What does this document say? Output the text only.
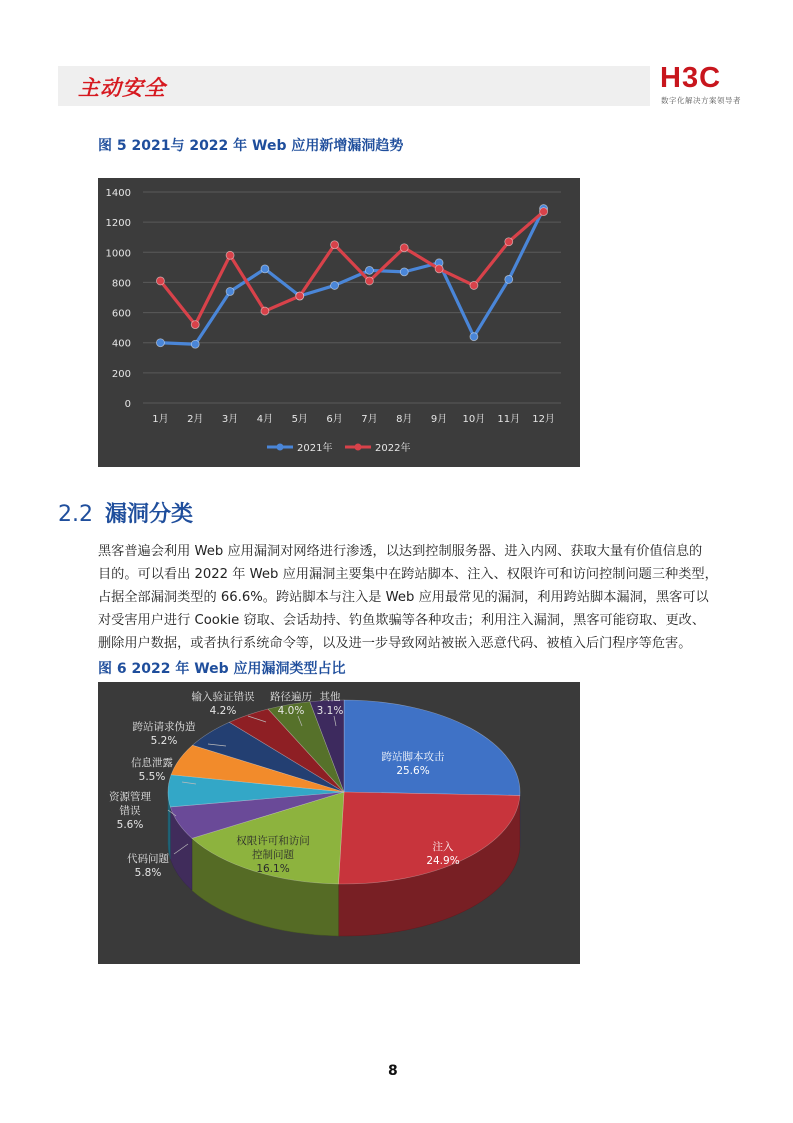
主动安全	H3C
数字化解决方案领导者
图 5 2021与 2022 年 Web 应用新增漏洞趋势
0
200
400
600
800
1000
1200
1400
1月 2月 3月 4月 5月 6月 7月 8月 9月 10月 11月 12月
2021年	2022年
2.2 漏洞分类
黑客普遍会利用 Web 应用漏洞对网络进行渗透，以达到控制服务器、进入内网、获取大量有价值信息的
目的。可以看出 2022 年 Web 应用漏洞主要集中在跨站脚本、注入、权限许可和访问控制问题三种类型，
占据全部漏洞类型的 66.6%。跨站脚本与注入是 Web 应用最常见的漏洞，利用跨站脚本漏洞，黑客可以
对受害用户进行 Cookie 窃取、会话劫持、钓鱼欺骗等各种攻击；利用注入漏洞，黑客可能窃取、更改、
删除用户数据，或者执行系统命令等，以及进一步导致网站被嵌入恶意代码、被植入后门程序等危害。
图 6 2022 年 Web 应用漏洞类型占比
跨站脚本攻击
25.6%
注入
24.9%
权限许可和访问
控制问题
16.1%
代码问题
5.8%
资源管理
错误
5.6%
信息泄露
5.5%
跨站请求伪造
5.2%
输入验证错误
4.2%
路径遍历
4.0%
其他
3.1%
8
